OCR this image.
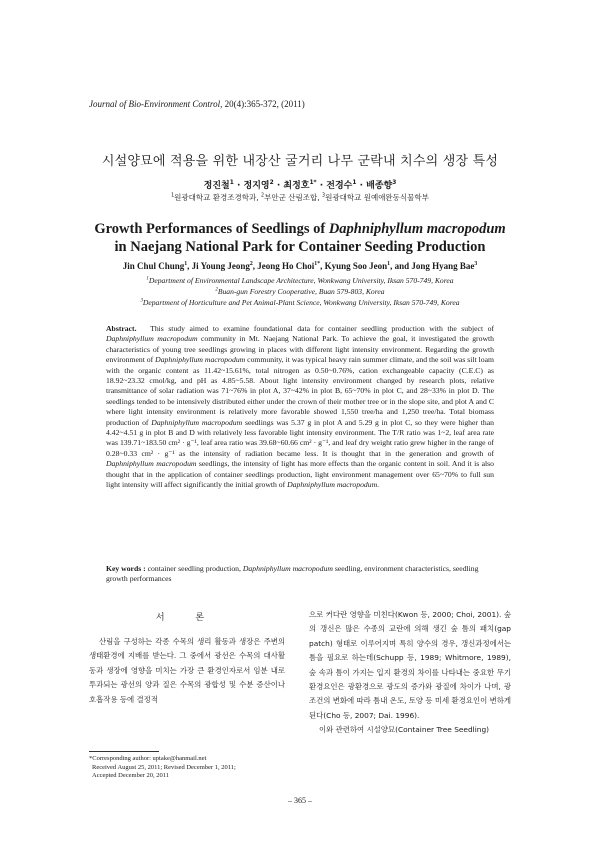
Journal of Bio-Environment Control, 20(4):365-372, (2011)
시설양묘에 적용을 위한 내장산 굴거리 나무 군락내 치수의 생장 특성
정진철$^1$ · 정지영$^2$ · 최정호$^{1*}$ · 전경수$^1$ · 배종향$^3$
$^1$원광대학교 환경조경학과, $^2$부안군 산림조합, $^3$원광대학교 원예애완동식물학부
Growth Performances of Seedlings of Daphniphyllum macropodum
in Naejang National Park for Container Seeding Production
Jin Chul Chung$^1$, Ji Young Jeong$^2$, Jeong Ho Choi$^{1*}$, Kyung Soo Jeon$^1$, and Jong Hyang Bae$^3$
$^1$Department of Environmental Landscape Architecture, Wonkwang University, Iksan 570-749, Korea
$^2$Buan-gun Forestry Cooperative, Buan 579-803, Korea
$^3$Department of Horticulture and Pet Animal-Plant Science, Wonkwang University, Iksan 570-749, Korea
Abstract. This study aimed to examine foundational data for container seedling production with the subject of Daphniphyllum macropodum community in Mt. Naejang National Park. To achieve the goal, it investigated the growth characteristics of young tree seedlings growing in places with different light intensity environment. Regarding the growth environment of Daphniphyllum macropodum community, it was typical heavy rain summer climate, and the soil was silt loam with the organic content as 11.42~15.61%, total nitrogen as 0.50~0.76%, cation exchangeable capacity (C.E.C) as 18.92~23.32 cmol/kg, and pH as 4.85~5.58. About light intensity environment changed by research plots, relative transmittance of solar radiation was 71~76% in plot A, 37~42% in plot B, 65~70% in plot C, and 28~33% in plot D. The seedlings tended to be intensively distributed either under the crown of their mother tree or in the slope site, and plot A and C where light intensity environment is relatively more favorable showed 1,550 tree/ha and 1,250 tree/ha. Total biomass production of Daphniphyllum macropodum seedlings was 5.37 g in plot A and 5.29 g in plot C, so they were higher than 4.42~4.51 g in plot B and D with relatively less favorable light intensity environment. The T/R ratio was 1~2, leaf area rate was 139.71~183.50 cm² · g⁻¹, leaf area ratio was 39.68~60.66 cm² · g⁻¹, and leaf dry weight ratio grew higher in the range of 0.28~0.33 cm² · g⁻¹ as the intensity of radiation became less. It is thought that in the generation and growth of Daphniphyllum macropodum seedlings, the intensity of light has more effects than the organic content in soil. And it is also thought that in the application of container seedlings production, light environment management over 65~70% to full sun light intensity will affect significantly the initial growth of Daphniphyllum macropodum.
Key words : container seedling production, Daphniphyllum macropodum seedling, environment characteristics, seedling growth performances
서 론
산림을 구성하는 각종 수목의 생리 활동과 생장은 주변의 생태환경에 지배를 받는다. 그 중에서 광선은 수목의 대사활동과 생장에 영향을 미치는 가장 큰 환경인자로서 임분 내로 투과되는 광선의 양과 질은 수목의 광합성 및 수분 증산이나 호흡작용 등에 결정적
*Corresponding author: uptake@hanmail.net
Received August 25, 2011; Revised December 1, 2011;
Accepted December 20, 2011
으로 커다란 영향을 미친다(Kwon 등, 2000; Choi, 2001). 숲의 갱신은 많은 수종의 교란에 의해 생긴 숲 틈의 패치(gap patch) 형태로 이루어지며 특히 양수의 경우, 갱신과정에서는 틈을 필요로 하는데(Schupp 등, 1989; Whitmore, 1989), 숲 속과 틈이 가지는 입지 환경의 차이를 나타내는 중요한 무기 환경요인은 광환경으로 광도의 증가와 광질에 차이가 나며, 광 조건의 변화에 따라 틈내 온도, 토양 등 미세 환경요인이 변하게 된다(Cho 등, 2007; Dai. 1996).
이와 관련하여 시설양묘(Container Tree Seedling)
– 365 –
